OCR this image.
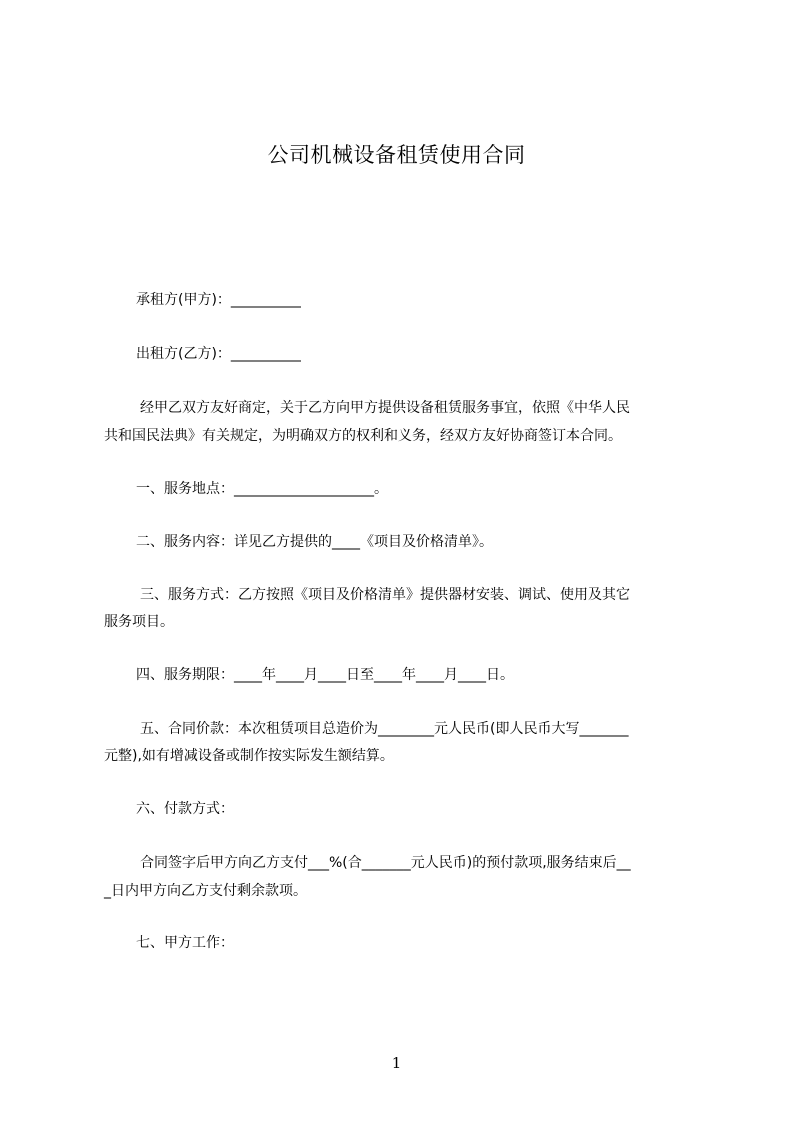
公司机械设备租赁使用合同
承租方(甲方)：__________
出租方(乙方)：__________
经甲乙双方友好商定，关于乙方向甲方提供设备租赁服务事宜，依照《中华人民
共和国民法典》有关规定，为明确双方的权利和义务，经双方友好协商签订本合同。
一、服务地点：____________________。
二、服务内容：详见乙方提供的____《项目及价格清单》。
三、服务方式：乙方按照《项目及价格清单》提供器材安装、调试、使用及其它
服务项目。
四、服务期限：____年____月____日至____年____月____日。
五、合同价款：本次租赁项目总造价为________元人民币(即人民币大写_______
元整),如有增减设备或制作按实际发生额结算。
六、付款方式：
合同签字后甲方向乙方支付___%(合_______元人民币)的预付款项,服务结束后__
_日内甲方向乙方支付剩余款项。
七、甲方工作：
1
